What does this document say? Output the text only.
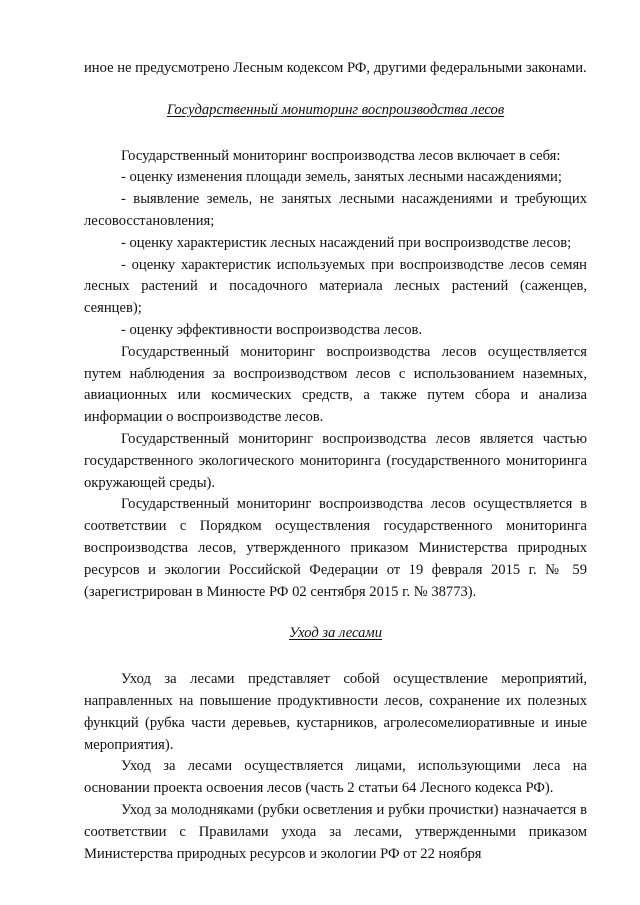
иное не предусмотрено Лесным кодексом РФ, другими федеральными законами.

Государственный мониторинг воспроизводства лесов

Государственный мониторинг воспроизводства лесов включает в себя:

- оценку изменения площади земель, занятых лесными насаждениями;

- выявление земель, не занятых лесными насаждениями и требующих лесовосстановления;

- оценку характеристик лесных насаждений при воспроизводстве лесов;

- оценку характеристик используемых при воспроизводстве лесов семян лесных растений и посадочного материала лесных растений (саженцев, сеянцев);

- оценку эффективности воспроизводства лесов.

Государственный мониторинг воспроизводства лесов осуществляется путем наблюдения за воспроизводством лесов с использованием наземных, авиационных или космических средств, а также путем сбора и анализа информации о воспроизводстве лесов.

Государственный мониторинг воспроизводства лесов является частью государственного экологического мониторинга (государственного мониторинга окружающей среды).

Государственный мониторинг воспроизводства лесов осуществляется в соответствии с Порядком осуществления государственного мониторинга воспроизводства лесов, утвержденного приказом Министерства природных ресурсов и экологии Российской Федерации от 19 февраля 2015 г. № 59 (зарегистрирован в Минюсте РФ 02 сентября 2015 г. № 38773).

Уход за лесами

Уход за лесами представляет собой осуществление мероприятий, направленных на повышение продуктивности лесов, сохранение их полезных функций (рубка части деревьев, кустарников, агролесомелиоративные и иные мероприятия).

Уход за лесами осуществляется лицами, использующими леса на основании проекта освоения лесов (часть 2 статьи 64 Лесного кодекса РФ).

Уход за молодняками (рубки осветления и рубки прочистки) назначается в соответствии с Правилами ухода за лесами, утвержденными приказом Министерства природных ресурсов и экологии РФ от 22 ноября
